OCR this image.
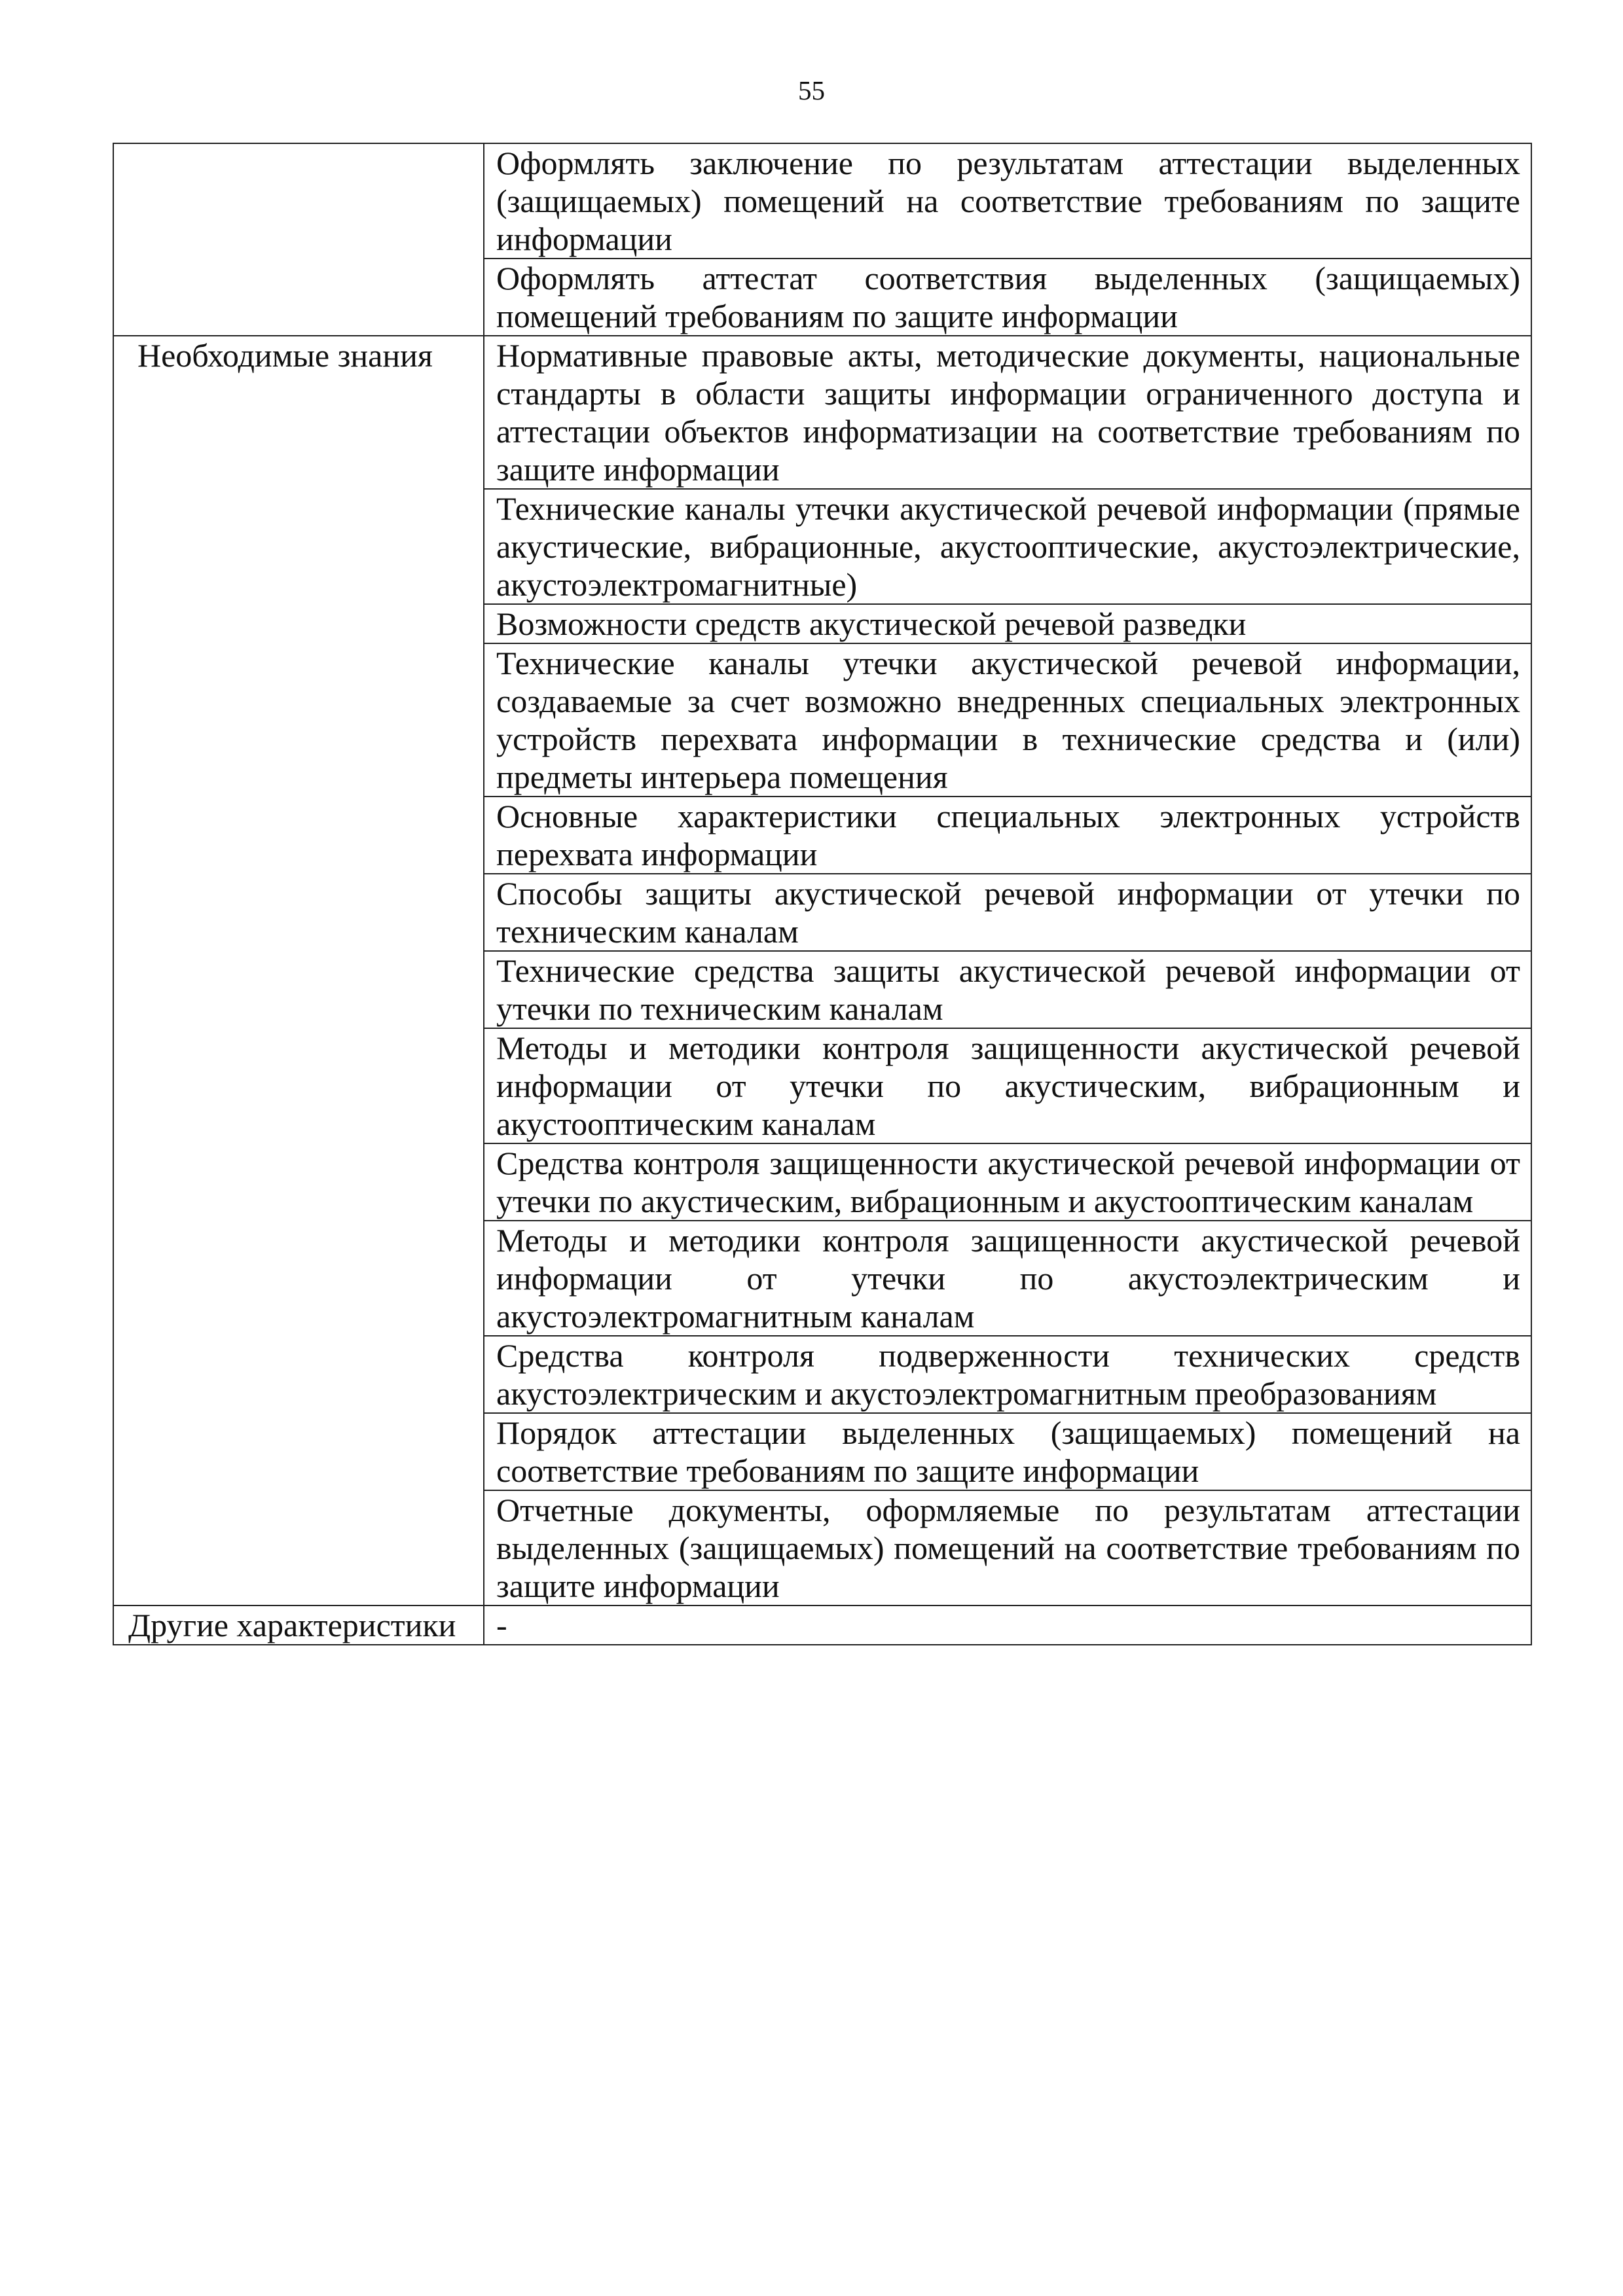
55
	Оформлять заключение по результатам аттестации выделенных (защищаемых) помещений на соответствие требованиям по защите информации
	Оформлять аттестат соответствия выделенных (защищаемых) помещений требованиям по защите информации
Необходимые знания	Нормативные правовые акты, методические документы, национальные стандарты в области защиты информации ограниченного доступа и аттестации объектов информатизации на соответствие требованиям по защите информации
	Технические каналы утечки акустической речевой информации (прямые акустические, вибрационные, акустооптические, акустоэлектрические, акустоэлектромагнитные)
	Возможности средств акустической речевой разведки
	Технические каналы утечки акустической речевой информации, создаваемые за счет возможно внедренных специальных электронных устройств перехвата информации в технические средства и (или) предметы интерьера помещения
	Основные характеристики специальных электронных устройств перехвата информации
	Способы защиты акустической речевой информации от утечки по техническим каналам
	Технические средства защиты акустической речевой информации от утечки по техническим каналам
	Методы и методики контроля защищенности акустической речевой информации от утечки по акустическим, вибрационным и акустооптическим каналам
	Средства контроля защищенности акустической речевой информации от утечки по акустическим, вибрационным и акустооптическим каналам
	Методы и методики контроля защищенности акустической речевой информации от утечки по акустоэлектрическим и акустоэлектромагнитным каналам
	Средства контроля подверженности технических средств акустоэлектрическим и акустоэлектромагнитным преобразованиям
	Порядок аттестации выделенных (защищаемых) помещений на соответствие требованиям по защите информации
	Отчетные документы, оформляемые по результатам аттестации выделенных (защищаемых) помещений на соответствие требованиям по защите информации
Другие характеристики	-
